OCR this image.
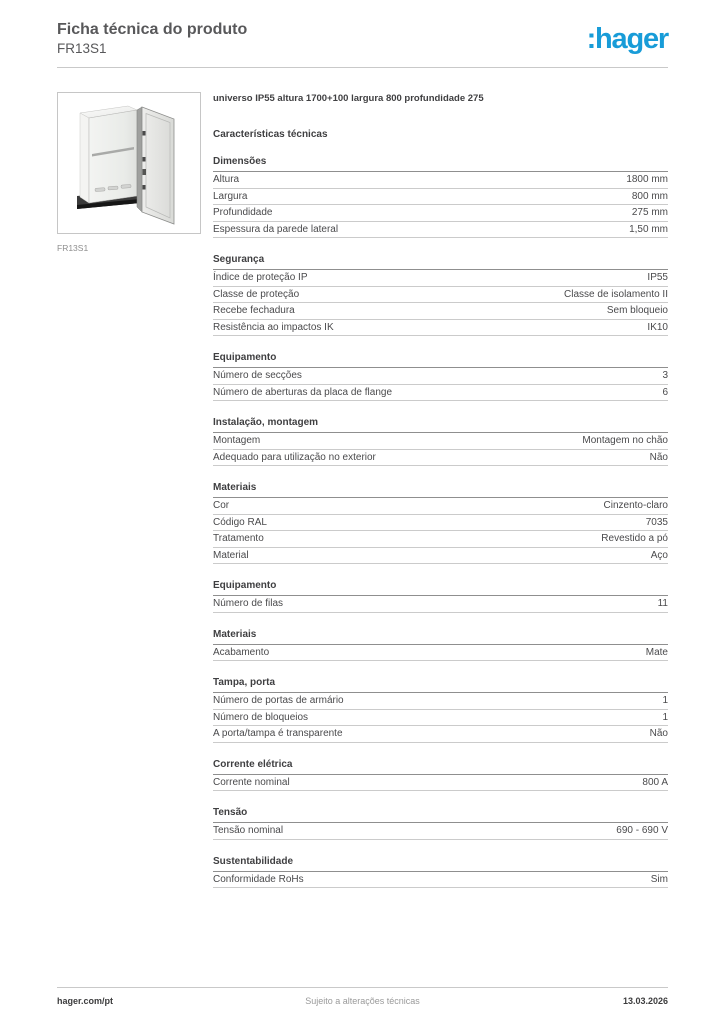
Ficha técnica do produto
FR13S1	:hager
FR13S1
universo IP55 altura 1700+100 largura 800 profundidade 275
Características técnicas
Dimensões
Altura	1800 mm
Largura	800 mm
Profundidade	275 mm
Espessura da parede lateral	1,50 mm
Segurança
Índice de proteção IP	IP55
Classe de proteção	Classe de isolamento II
Recebe fechadura	Sem bloqueio
Resistência ao impactos IK	IK10
Equipamento
Número de secções	3
Número de aberturas da placa de flange	6
Instalação, montagem
Montagem	Montagem no chão
Adequado para utilização no exterior	Não
Materiais
Cor	Cinzento-claro
Código RAL	7035
Tratamento	Revestido a pó
Material	Aço
Equipamento
Número de filas	11
Materiais
Acabamento	Mate
Tampa, porta
Número de portas de armário	1
Número de bloqueios	1
A porta/tampa é transparente	Não
Corrente elétrica
Corrente nominal	800 A
Tensão
Tensão nominal	690 - 690 V
Sustentabilidade
Conformidade RoHs	Sim
hager.com/pt	Sujeito a alterações técnicas	13.03.2026
